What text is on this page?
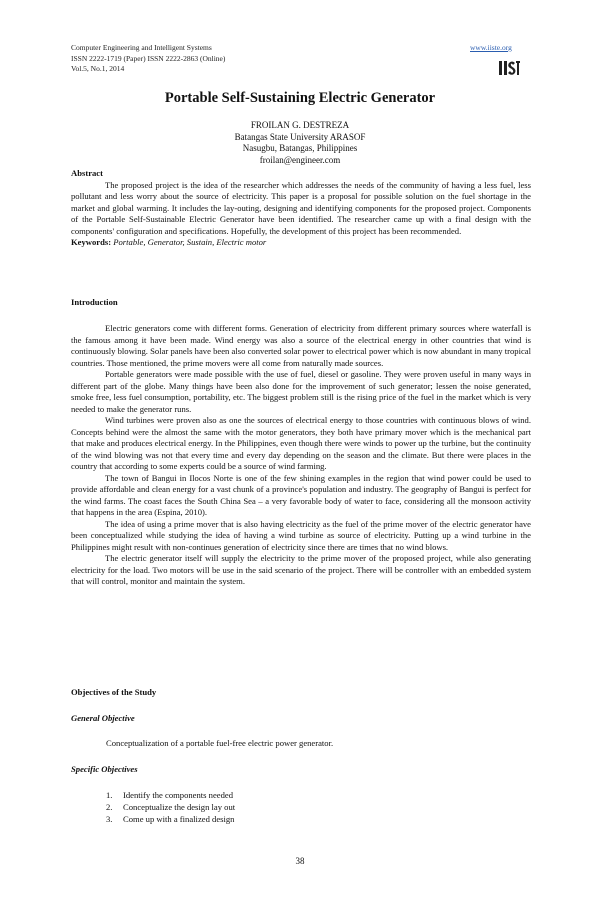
Computer Engineering and Intelligent Systems
ISSN 2222-1719 (Paper) ISSN 2222-2863 (Online)
Vol.5, No.1, 2014
www.iiste.org
Portable Self-Sustaining Electric Generator
FROILAN G. DESTREZA
Batangas State University ARASOF
Nasugbu, Batangas, Philippines
froilan@engineer.com
Abstract

The proposed project is the idea of the researcher which addresses the needs of the community of having a less fuel, less pollutant and less worry about the source of electricity. This paper is a proposal for possible solution on the fuel shortage in the market and global warming. It includes the lay-outing, designing and identifying components for the proposed project. Components of the Portable Self-Sustainable Electric Generator have been identified. The researcher came up with a final design with the components' configuration and specifications. Hopefully, the development of this project has been recommended.

Keywords: Portable, Generator, Sustain, Electric motor
Introduction

Electric generators come with different forms. Generation of electricity from different primary sources where waterfall is the famous among it have been made. Wind energy was also a source of the electrical energy in other countries that wind is continuously blowing. Solar panels have been also converted solar power to electrical power which is now abundant in many tropical countries. Those mentioned, the prime movers were all come from naturally made sources.

Portable generators were made possible with the use of fuel, diesel or gasoline. They were proven useful in many ways in different part of the globe. Many things have been also done for the improvement of such generator; lessen the noise generated, smoke free, less fuel consumption, portability, etc. The biggest problem still is the rising price of the fuel in the market which is very needed to make the generator runs.

Wind turbines were proven also as one the sources of electrical energy to those countries with continuous blows of wind. Concepts behind were the almost the same with the motor generators, they both have primary mover which is the mechanical part that make and produces electrical energy. In the Philippines, even though there were winds to power up the turbine, but the continuity of the wind blowing was not that every time and every day depending on the season and the climate. But there were places in the country that according to some experts could be a source of wind farming.

The town of Bangui in Ilocos Norte is one of the few shining examples in the region that wind power could be used to provide affordable and clean energy for a vast chunk of a province's population and industry. The geography of Bangui is perfect for the wind farms. The coast faces the South China Sea – a very favorable body of water to face, considering all the monsoon activity that happens in the area (Espina, 2010).

The idea of using a prime mover that is also having electricity as the fuel of the prime mover of the electric generator have been conceptualized while studying the idea of having a wind turbine as source of electricity. Putting up a wind turbine in the Philippines might result with non-continues generation of electricity since there are times that no wind blows.

The electric generator itself will supply the electricity to the prime mover of the proposed project, while also generating electricity for the load. Two motors will be use in the said scenario of the project. There will be controller with an embedded system that will control, monitor and maintain the system.

Objectives of the Study
General Objective
Conceptualization of a portable fuel-free electric power generator.
Specific Objectives
1. Identify the components needed
2. Conceptualize the design lay out
3. Come up with a finalized design
38
